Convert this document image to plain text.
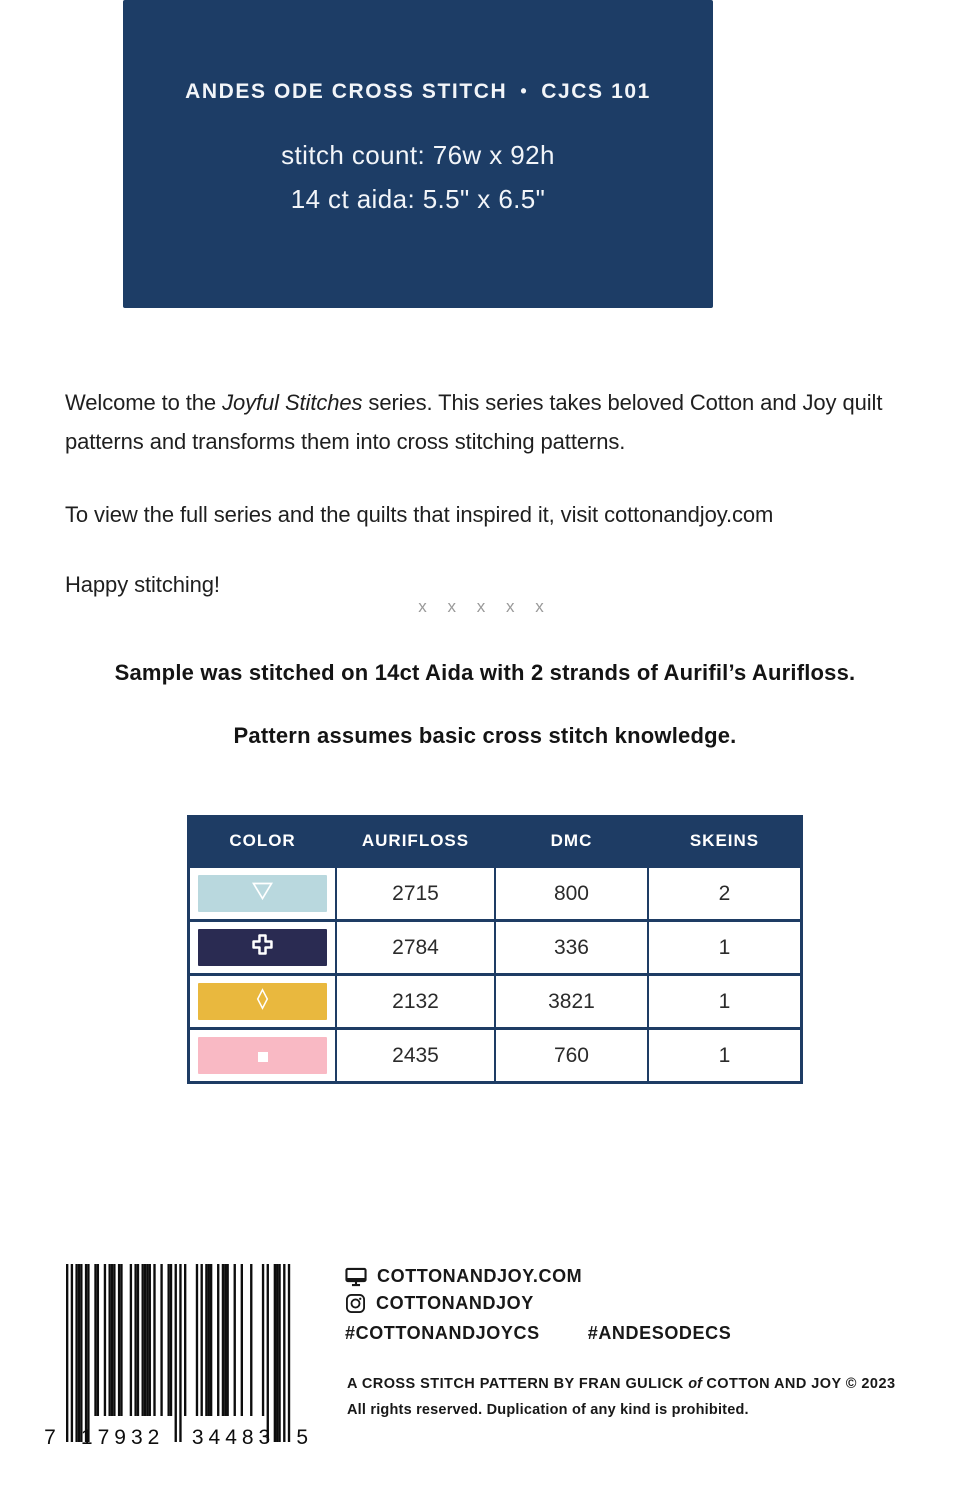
ANDES ODE CROSS STITCH • CJCS 101
stitch count: 76w x 92h
14 ct aida: 5.5" x 6.5"

Welcome to the Joyful Stitches series. This series takes beloved Cotton and Joy quilt patterns and transforms them into cross stitching patterns.

To view the full series and the quilts that inspired it, visit cottonandjoy.com

Happy stitching!

x x x x x

Sample was stitched on 14ct Aida with 2 strands of Aurifil’s Aurifloss.

Pattern assumes basic cross stitch knowledge.

COLOR	AURIFLOSS	DMC	SKEINS

	2715	800	2

	2784	336	1

	2132	3821	1

	2435	760	1
7 17932 34483 5
COTTONANDJOY.COM
COTTONANDJOY
#COTTONANDJOYCS	#ANDESODECS
A CROSS STITCH PATTERN BY FRAN GULICK of COTTON AND JOY © 2023
All rights reserved. Duplication of any kind is prohibited.
